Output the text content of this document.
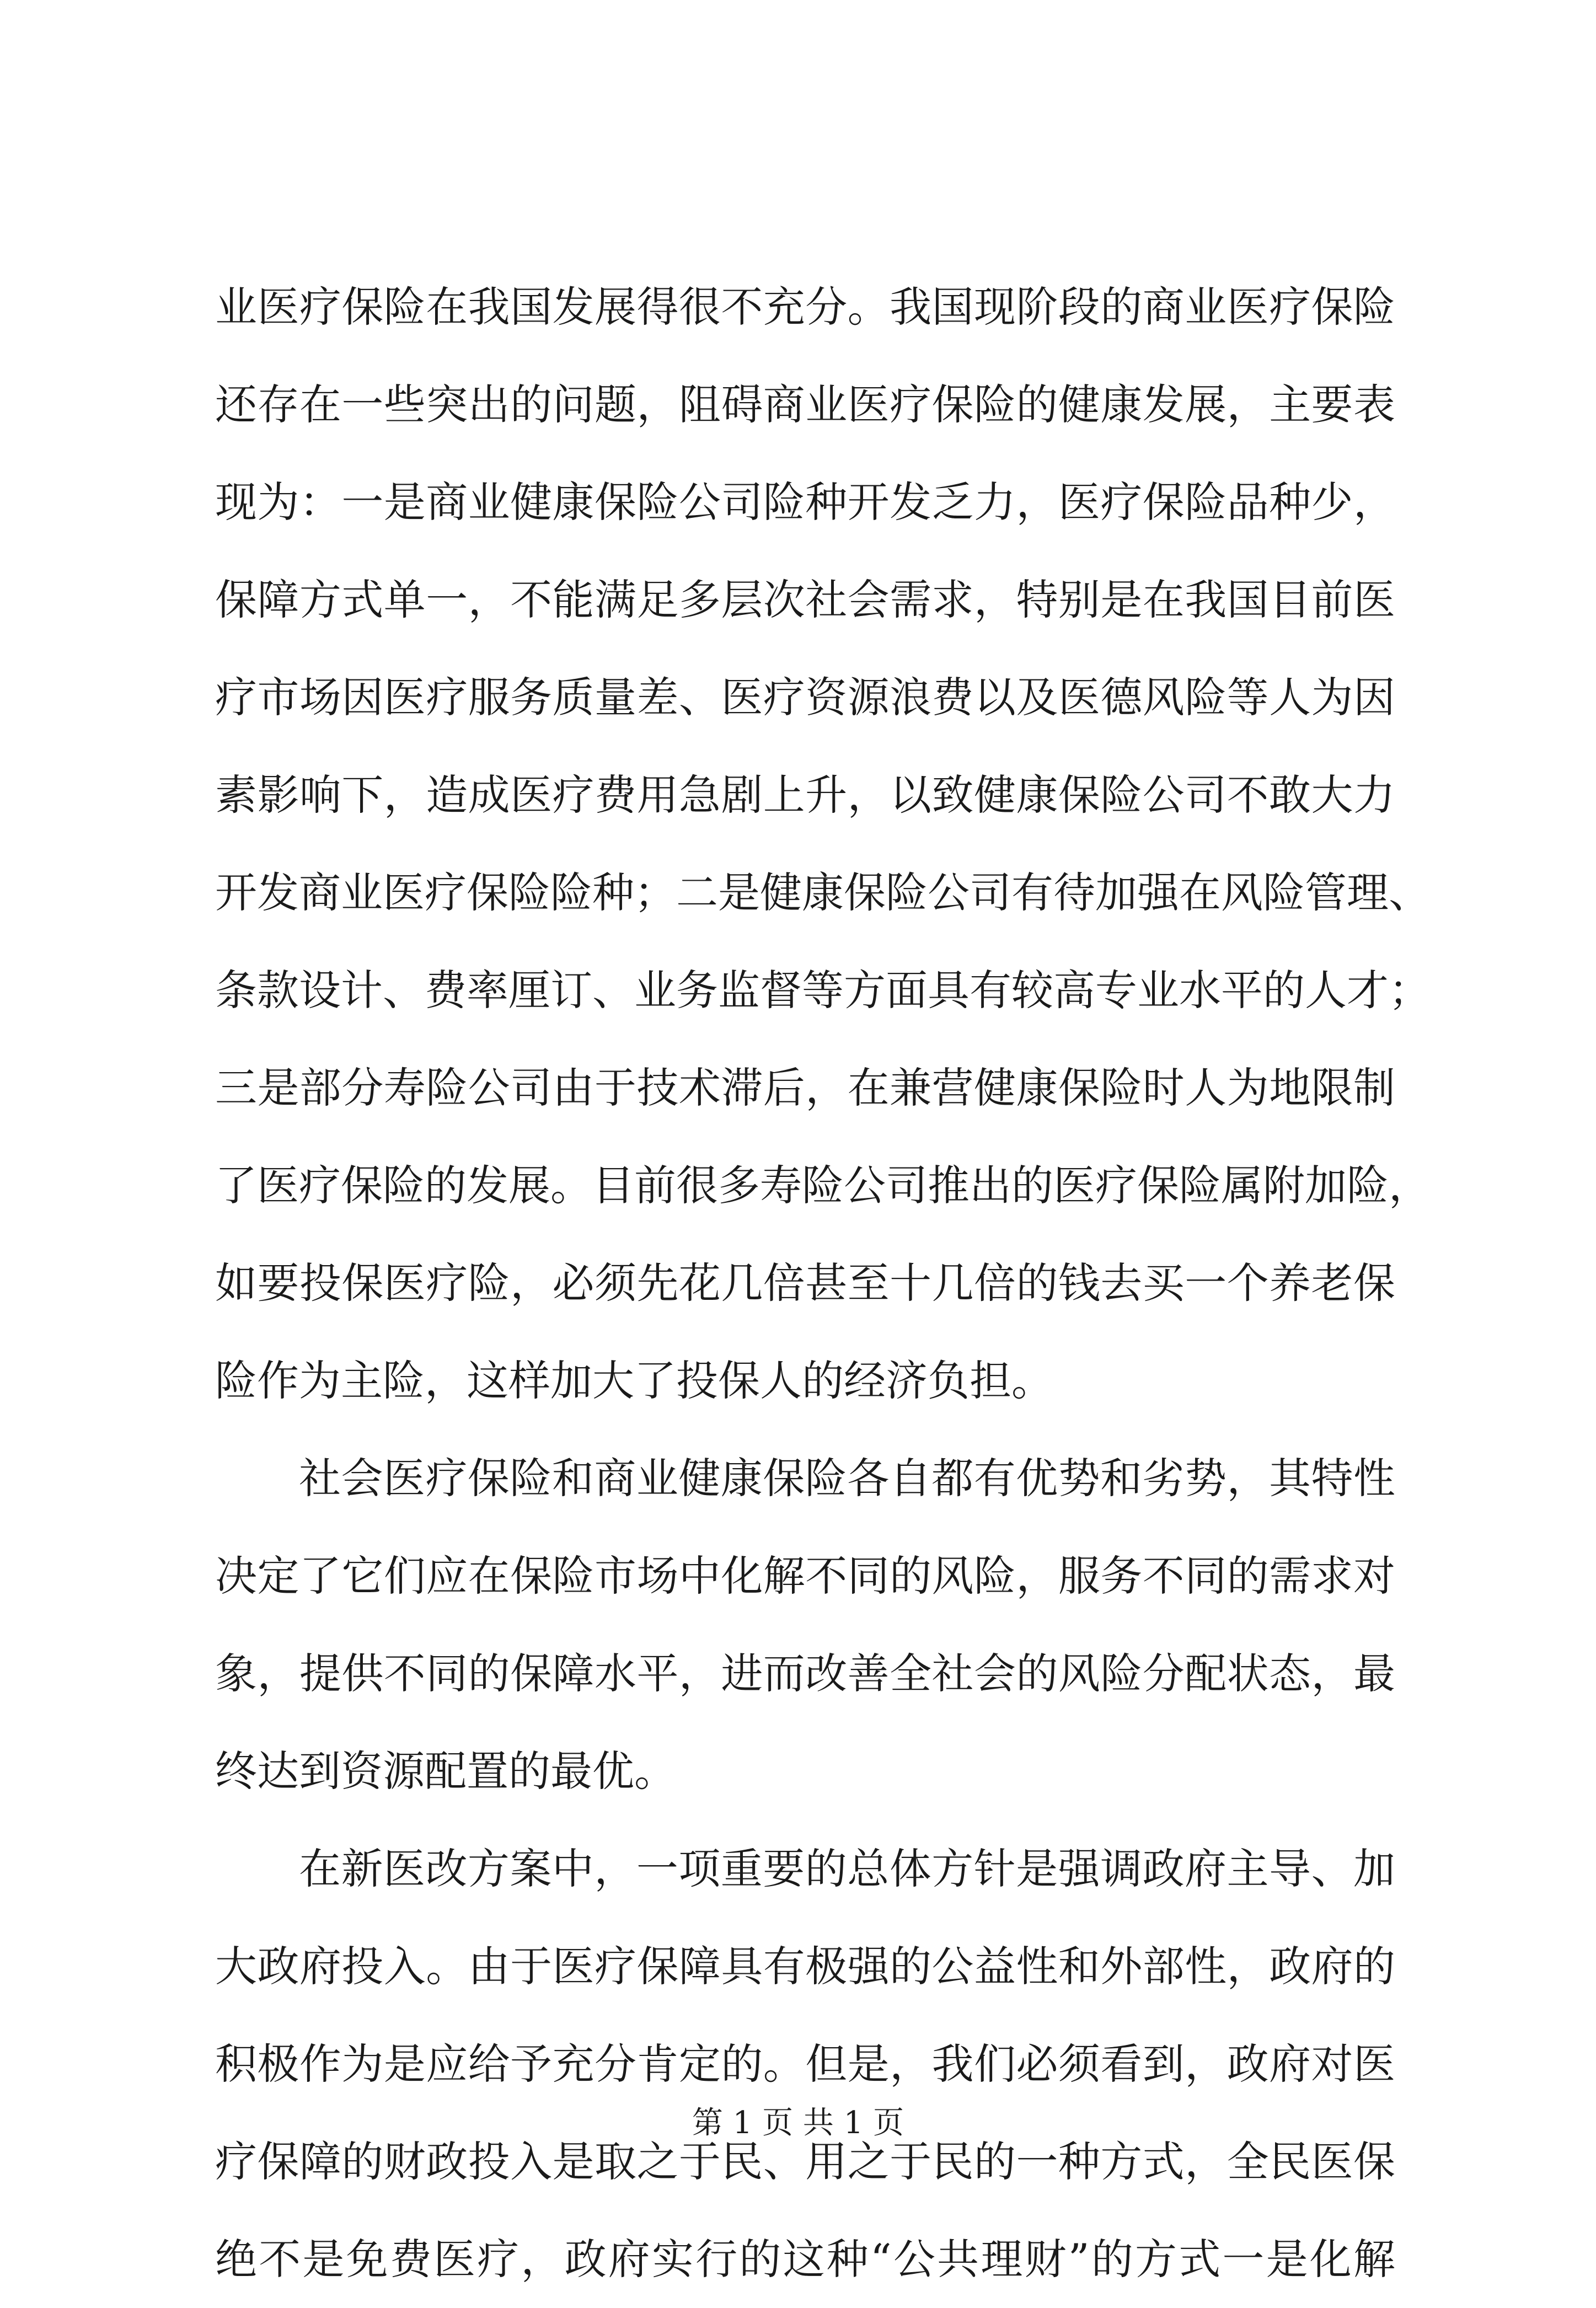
业医疗保险在我国发展得很不充分。我国现阶段的商业医疗保险
还存在一些突出的问题，阻碍商业医疗保险的健康发展，主要表
现为：一是商业健康保险公司险种开发乏力，医疗保险品种少，
保障方式单一，不能满足多层次社会需求，特别是在我国目前医
疗市场因医疗服务质量差、医疗资源浪费以及医德风险等人为因
素影响下，造成医疗费用急剧上升，以致健康保险公司不敢大力
开发商业医疗保险险种；二是健康保险公司有待加强在风险管理、
条款设计、费率厘订、业务监督等方面具有较高专业水平的人才；
三是部分寿险公司由于技术滞后，在兼营健康保险时人为地限制
了医疗保险的发展。目前很多寿险公司推出的医疗保险属附加险，
如要投保医疗险，必须先花几倍甚至十几倍的钱去买一个养老保
险作为主险，这样加大了投保人的经济负担。
社会医疗保险和商业健康保险各自都有优势和劣势，其特性
决定了它们应在保险市场中化解不同的风险，服务不同的需求对
象，提供不同的保障水平，进而改善全社会的风险分配状态，最
终达到资源配置的最优。
在新医改方案中，一项重要的总体方针是强调政府主导、加
大政府投入。由于医疗保障具有极强的公益性和外部性，政府的
积极作为是应给予充分肯定的。但是，我们必须看到，政府对医
疗保障的财政投入是取之于民、用之于民的一种方式，全民医保
绝不是免费医疗，政府实行的这种“公共理财”的方式一是化解
第 1 页 共 1 页
